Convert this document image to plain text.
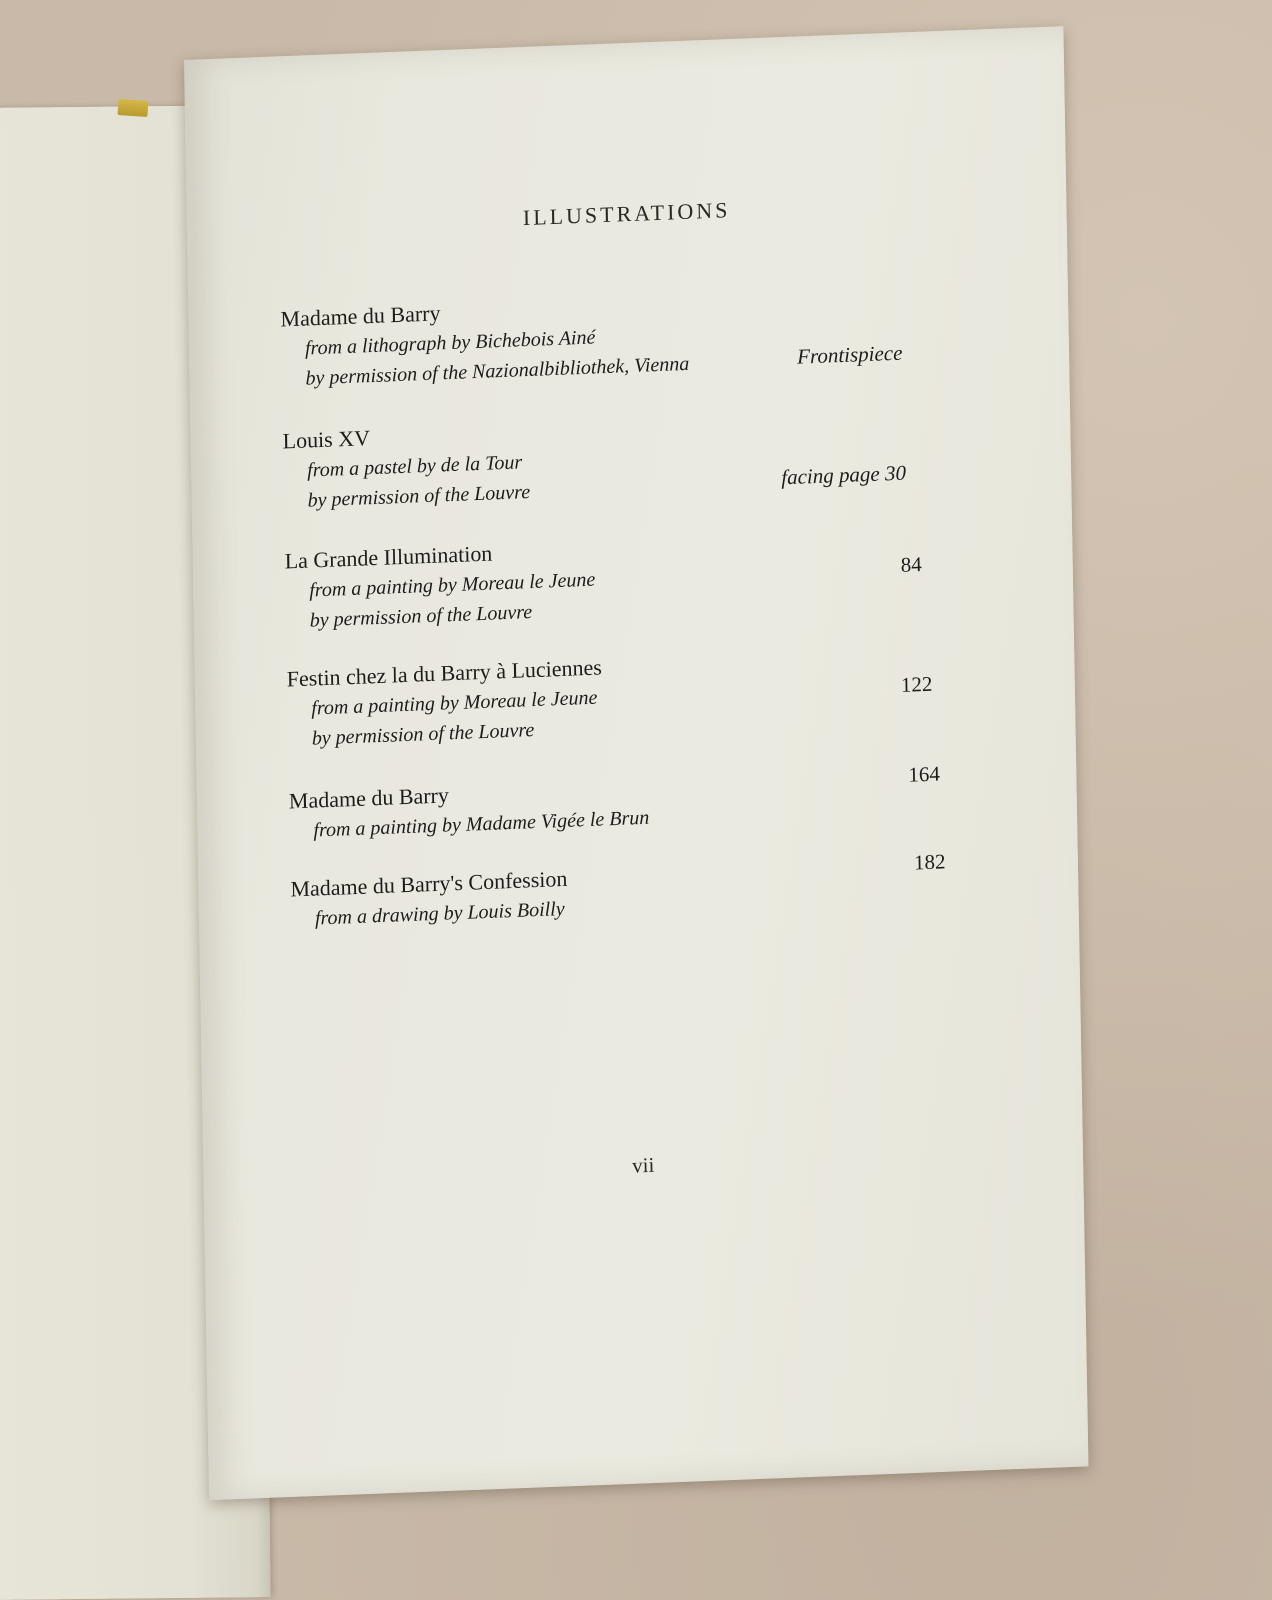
ILLUSTRATIONS
Madame du Barry
from a lithograph by Bichebois Ainé
by permission of the Nazionalbibliothek, Vienna	Frontispiece
Louis XV
from a pastel by de la Tour
by permission of the Louvre
facing page 30
La Grande Illumination
from a painting by Moreau le Jeune
by permission of the Louvre
84
Festin chez la du Barry à Luciennes
from a painting by Moreau le Jeune
by permission of the Louvre
122
Madame du Barry
from a painting by Madame Vigée le Brun
164
Madame du Barry's Confession
from a drawing by Louis Boilly
182
vii
